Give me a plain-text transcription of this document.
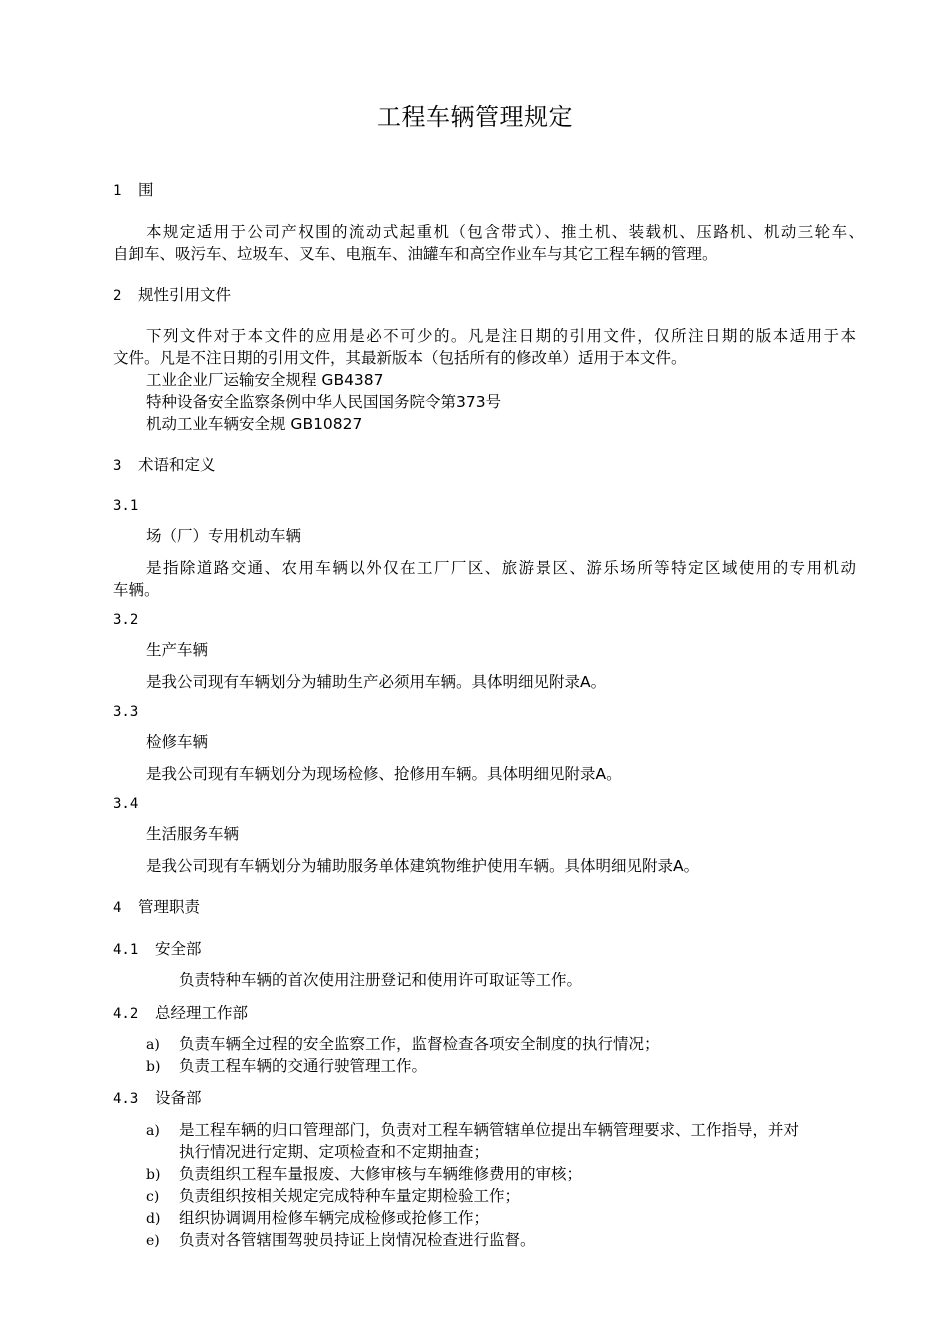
工程车辆管理规定
1 围
本规定适用于公司产权围的流动式起重机（包含带式）、推土机、装载机、压路机、机动三轮车、
自卸车、吸污车、垃圾车、叉车、电瓶车、油罐车和高空作业车与其它工程车辆的管理。
2 规性引用文件
下列文件对于本文件的应用是必不可少的。凡是注日期的引用文件，仅所注日期的版本适用于本
文件。凡是不注日期的引用文件，其最新版本（包括所有的修改单）适用于本文件。
工业企业厂运输安全规程 GB4387
特种设备安全监察条例中华人民国国务院令第373号
机动工业车辆安全规 GB10827
3 术语和定义
3.1
场（厂）专用机动车辆
是指除道路交通、农用车辆以外仅在工厂厂区、旅游景区、游乐场所等特定区域使用的专用机动
车辆。
3.2
生产车辆
是我公司现有车辆划分为辅助生产必须用车辆。具体明细见附录A。
3.3
检修车辆
是我公司现有车辆划分为现场检修、抢修用车辆。具体明细见附录A。
3.4
生活服务车辆
是我公司现有车辆划分为辅助服务单体建筑物维护使用车辆。具体明细见附录A。
4 管理职责
4.1 安全部
负责特种车辆的首次使用注册登记和使用许可取证等工作。
4.2 总经理工作部
a) 负责车辆全过程的安全监察工作，监督检查各项安全制度的执行情况；
b) 负责工程车辆的交通行驶管理工作。
4.3 设备部
a) 是工程车辆的归口管理部门，负责对工程车辆管辖单位提出车辆管理要求、工作指导，并对
执行情况进行定期、定项检查和不定期抽查；
b) 负责组织工程车量报废、大修审核与车辆维修费用的审核；
c) 负责组织按相关规定完成特种车量定期检验工作；
d) 组织协调调用检修车辆完成检修或抢修工作；
e) 负责对各管辖围驾驶员持证上岗情况检查进行监督。
